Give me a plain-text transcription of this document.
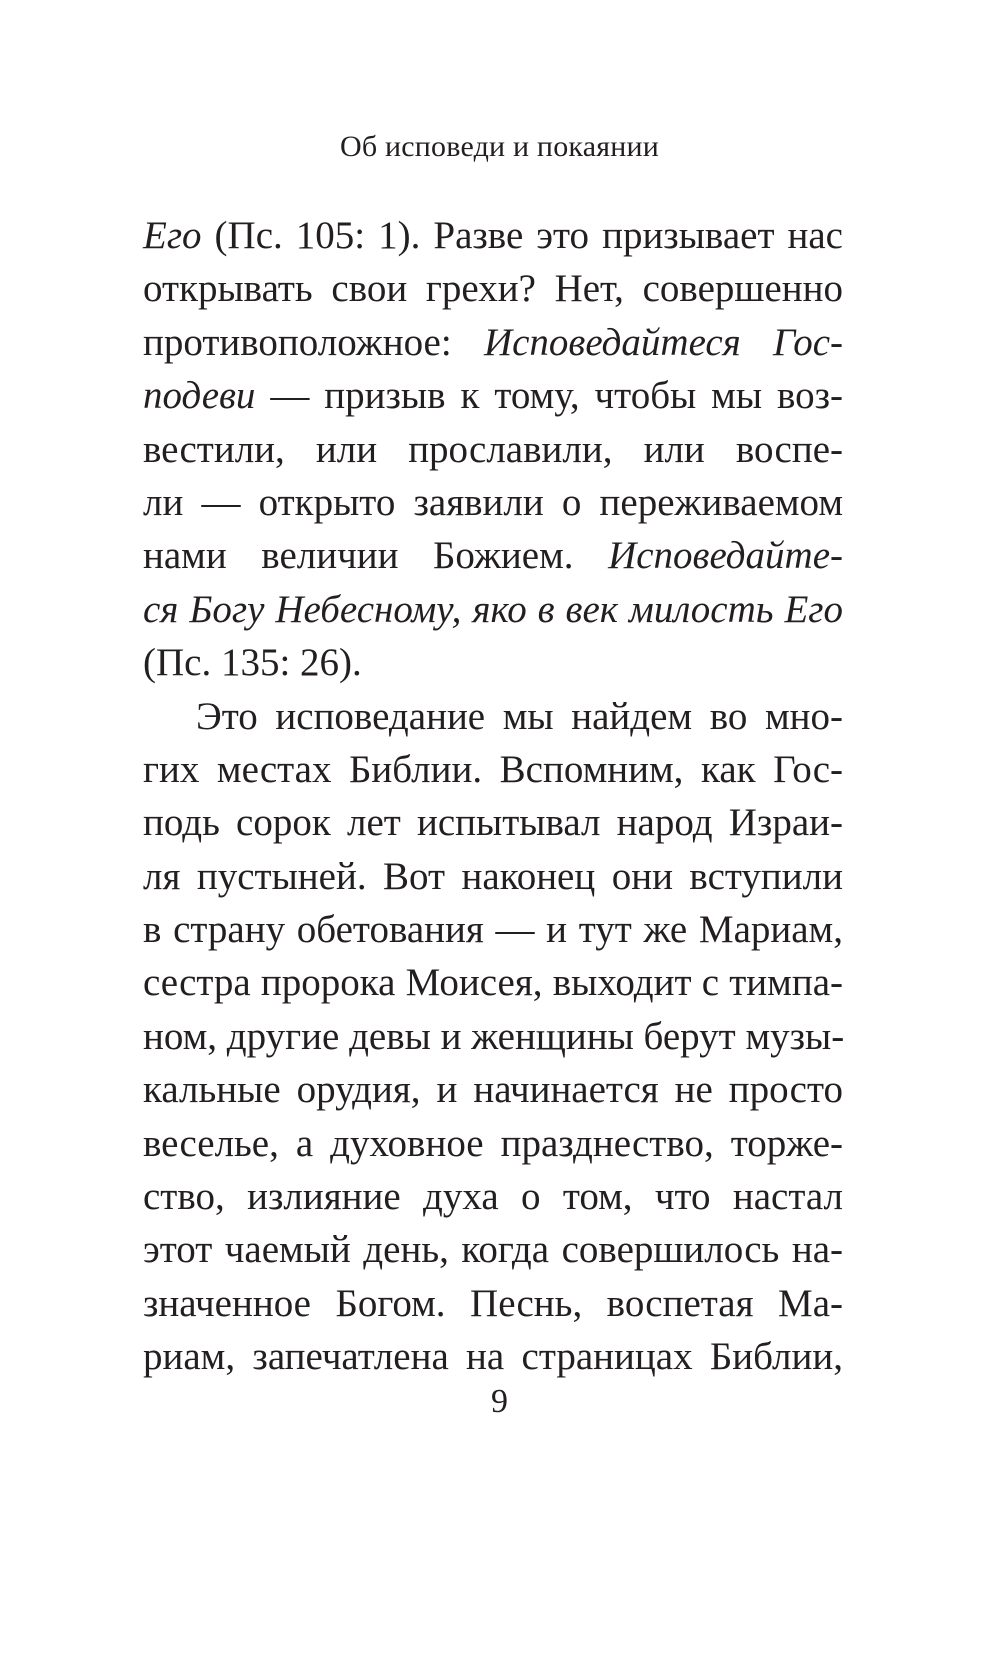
Об исповеди и покаянии
Его (Пс. 105: 1). Разве это призывает нас
открывать свои грехи? Нет, совершенно
противоположное: Исповедайтеся Гос-
подеви — призыв к тому, чтобы мы воз-
вестили, или прославили, или воспе-
ли — открыто заявили о переживаемом
нами величии Божием. Исповедайте-
ся Богу Небесному, яко в век милость Его
(Пс. 135: 26).
Это исповедание мы найдем во мно-
гих местах Библии. Вспомним, как Гос-
подь сорок лет испытывал народ Израи-
ля пустыней. Вот наконец они вступили
в страну обетования — и тут же Мариам,
сестра пророка Моисея, выходит с тимпа-
ном, другие девы и женщины берут музы-
кальные орудия, и начинается не просто
веселье, а духовное празднество, торже-
ство, излияние духа о том, что настал
этот чаемый день, когда совершилось на-
значенное Богом. Песнь, воспетая Ма-
риам, запечатлена на страницах Библии,
9
